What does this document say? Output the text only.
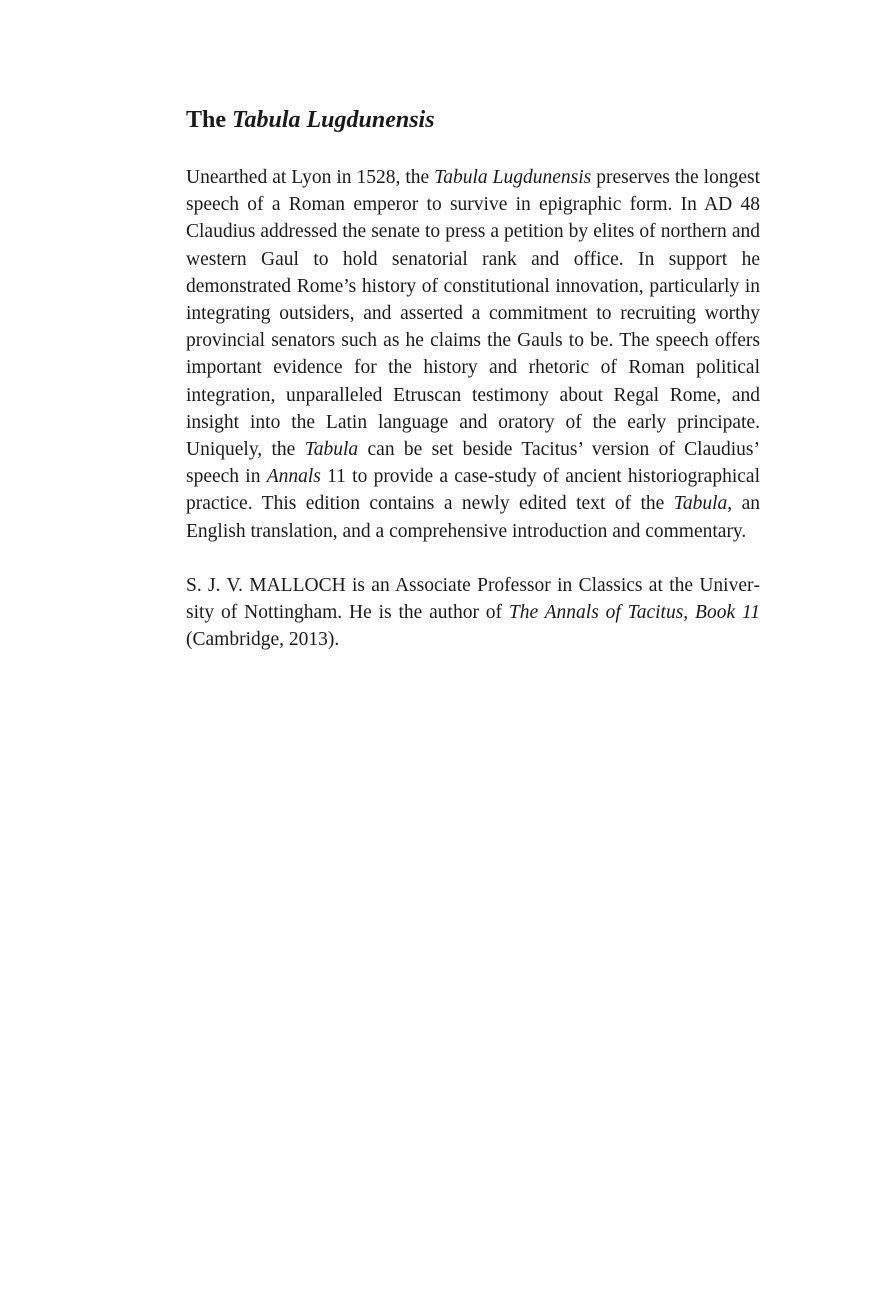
The Tabula Lugdunensis

Unearthed at Lyon in 1528, the Tabula Lugdunensis preserves the longest speech of a Roman emperor to survive in epigraphic form. In AD 48 Claudius addressed the senate to press a petition by elites of northern and western Gaul to hold senatorial rank and office. In support he demonstrated Rome’s history of constitutional innovation, particularly in integrating outsiders, and asserted a commitment to recruiting worthy provincial senators such as he claims the Gauls to be. The speech offers important evidence for the history and rhetoric of Roman political integration, unparalleled Etruscan testimony about Regal Rome, and insight into the Latin language and oratory of the early principate. Uniquely, the Tabula can be set beside Tacitus’ version of Claudius’ speech in Annals 11 to provide a case-study of ancient historiographical practice. This edition contains a newly edited text of the Tabula, an English translation, and a comprehensive introduction and commentary.

S. J. V. MALLOCH is an Associate Professor in Classics at the University of Nottingham. He is the author of The Annals of Tacitus, Book 11 (Cambridge, 2013).
